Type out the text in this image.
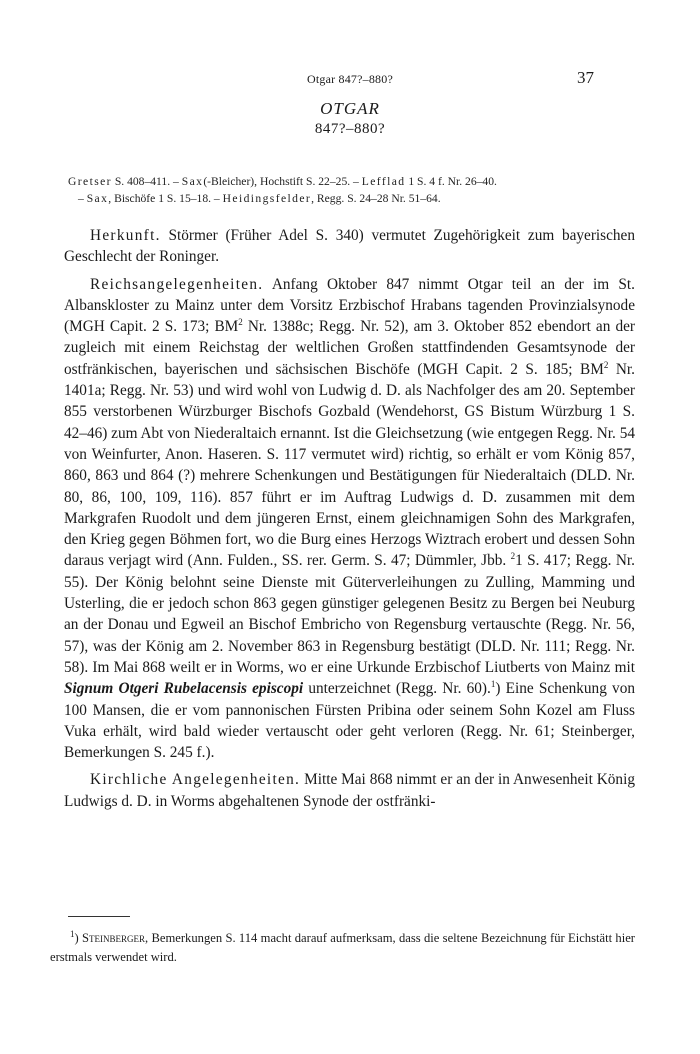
Otgar 847?–880?	37
OTGAR
847?–880?

Gretser S. 408–411. – Sax(-Bleicher), Hochstift S. 22–25. – Lefflad 1 S. 4 f. Nr. 26–40.

– Sax, Bischöfe 1 S. 15–18. – Heidingsfelder, Regg. S. 24–28 Nr. 51–64.

Herkunft. Störmer (Früher Adel S. 340) vermutet Zugehörigkeit zum bayerischen Geschlecht der Roninger.

Reichsangelegenheiten. Anfang Oktober 847 nimmt Otgar teil an der im St. Albanskloster zu Mainz unter dem Vorsitz Erzbischof Hrabans tagenden Provinzialsynode (MGH Capit. 2 S. 173; $BM^2$ Nr. 1388c; Regg. Nr. 52), am 3. Oktober 852 ebendort an der zugleich mit einem Reichstag der weltlichen Großen stattfindenden Gesamtsynode der ostfränkischen, bayerischen und sächsischen Bischöfe (MGH Capit. 2 S. 185; $BM^2$ Nr. 1401a; Regg. Nr. 53) und wird wohl von Ludwig d. D. als Nachfolger des am 20. September 855 verstorbenen Würzburger Bischofs Gozbald (Wendehorst, GS Bistum Würzburg 1 S. 42–46) zum Abt von Niederaltaich ernannt. Ist die Gleichsetzung (wie entgegen Regg. Nr. 54 von Weinfurter, Anon. Haseren. S. 117 vermutet wird) richtig, so erhält er vom König 857, 860, 863 und 864 (?) mehrere Schenkungen und Bestätigungen für Niederaltaich (DLD. Nr. 80, 86, 100, 109, 116). 857 führt er im Auftrag Ludwigs d. D. zusammen mit dem Markgrafen Ruodolt und dem jüngeren Ernst, einem gleichnamigen Sohn des Markgrafen, den Krieg gegen Böhmen fort, wo die Burg eines Herzogs Wiztrach erobert und dessen Sohn daraus verjagt wird (Ann. Fulden., SS. rer. Germ. S. 47; Dümmler, Jbb. $^2$1 S. 417; Regg. Nr. 55). Der König belohnt seine Dienste mit Güterverleihungen zu Zulling, Mamming und Usterling, die er jedoch schon 863 gegen günstiger gelegenen Besitz zu Bergen bei Neuburg an der Donau und Egweil an Bischof Embricho von Regensburg vertauschte (Regg. Nr. 56, 57), was der König am 2. November 863 in Regensburg bestätigt (DLD. Nr. 111; Regg. Nr. 58). Im Mai 868 weilt er in Worms, wo er eine Urkunde Erzbischof Liutberts von Mainz mit Signum Otgeri Rubelacensis episcopi unterzeichnet (Regg. Nr. 60).$^1$) Eine Schenkung von 100 Mansen, die er vom pannonischen Fürsten Pribina oder seinem Sohn Kozel am Fluss Vuka erhält, wird bald wieder vertauscht oder geht verloren (Regg. Nr. 61; Steinberger, Bemerkungen S. 245 f.).

Kirchliche Angelegenheiten. Mitte Mai 868 nimmt er an der in Anwesenheit König Ludwigs d. D. in Worms abgehaltenen Synode der ostfränki-

$^1$) Steinberger, Bemerkungen S. 114 macht darauf aufmerksam, dass die seltene Bezeichnung für Eichstätt hier erstmals verwendet wird.
